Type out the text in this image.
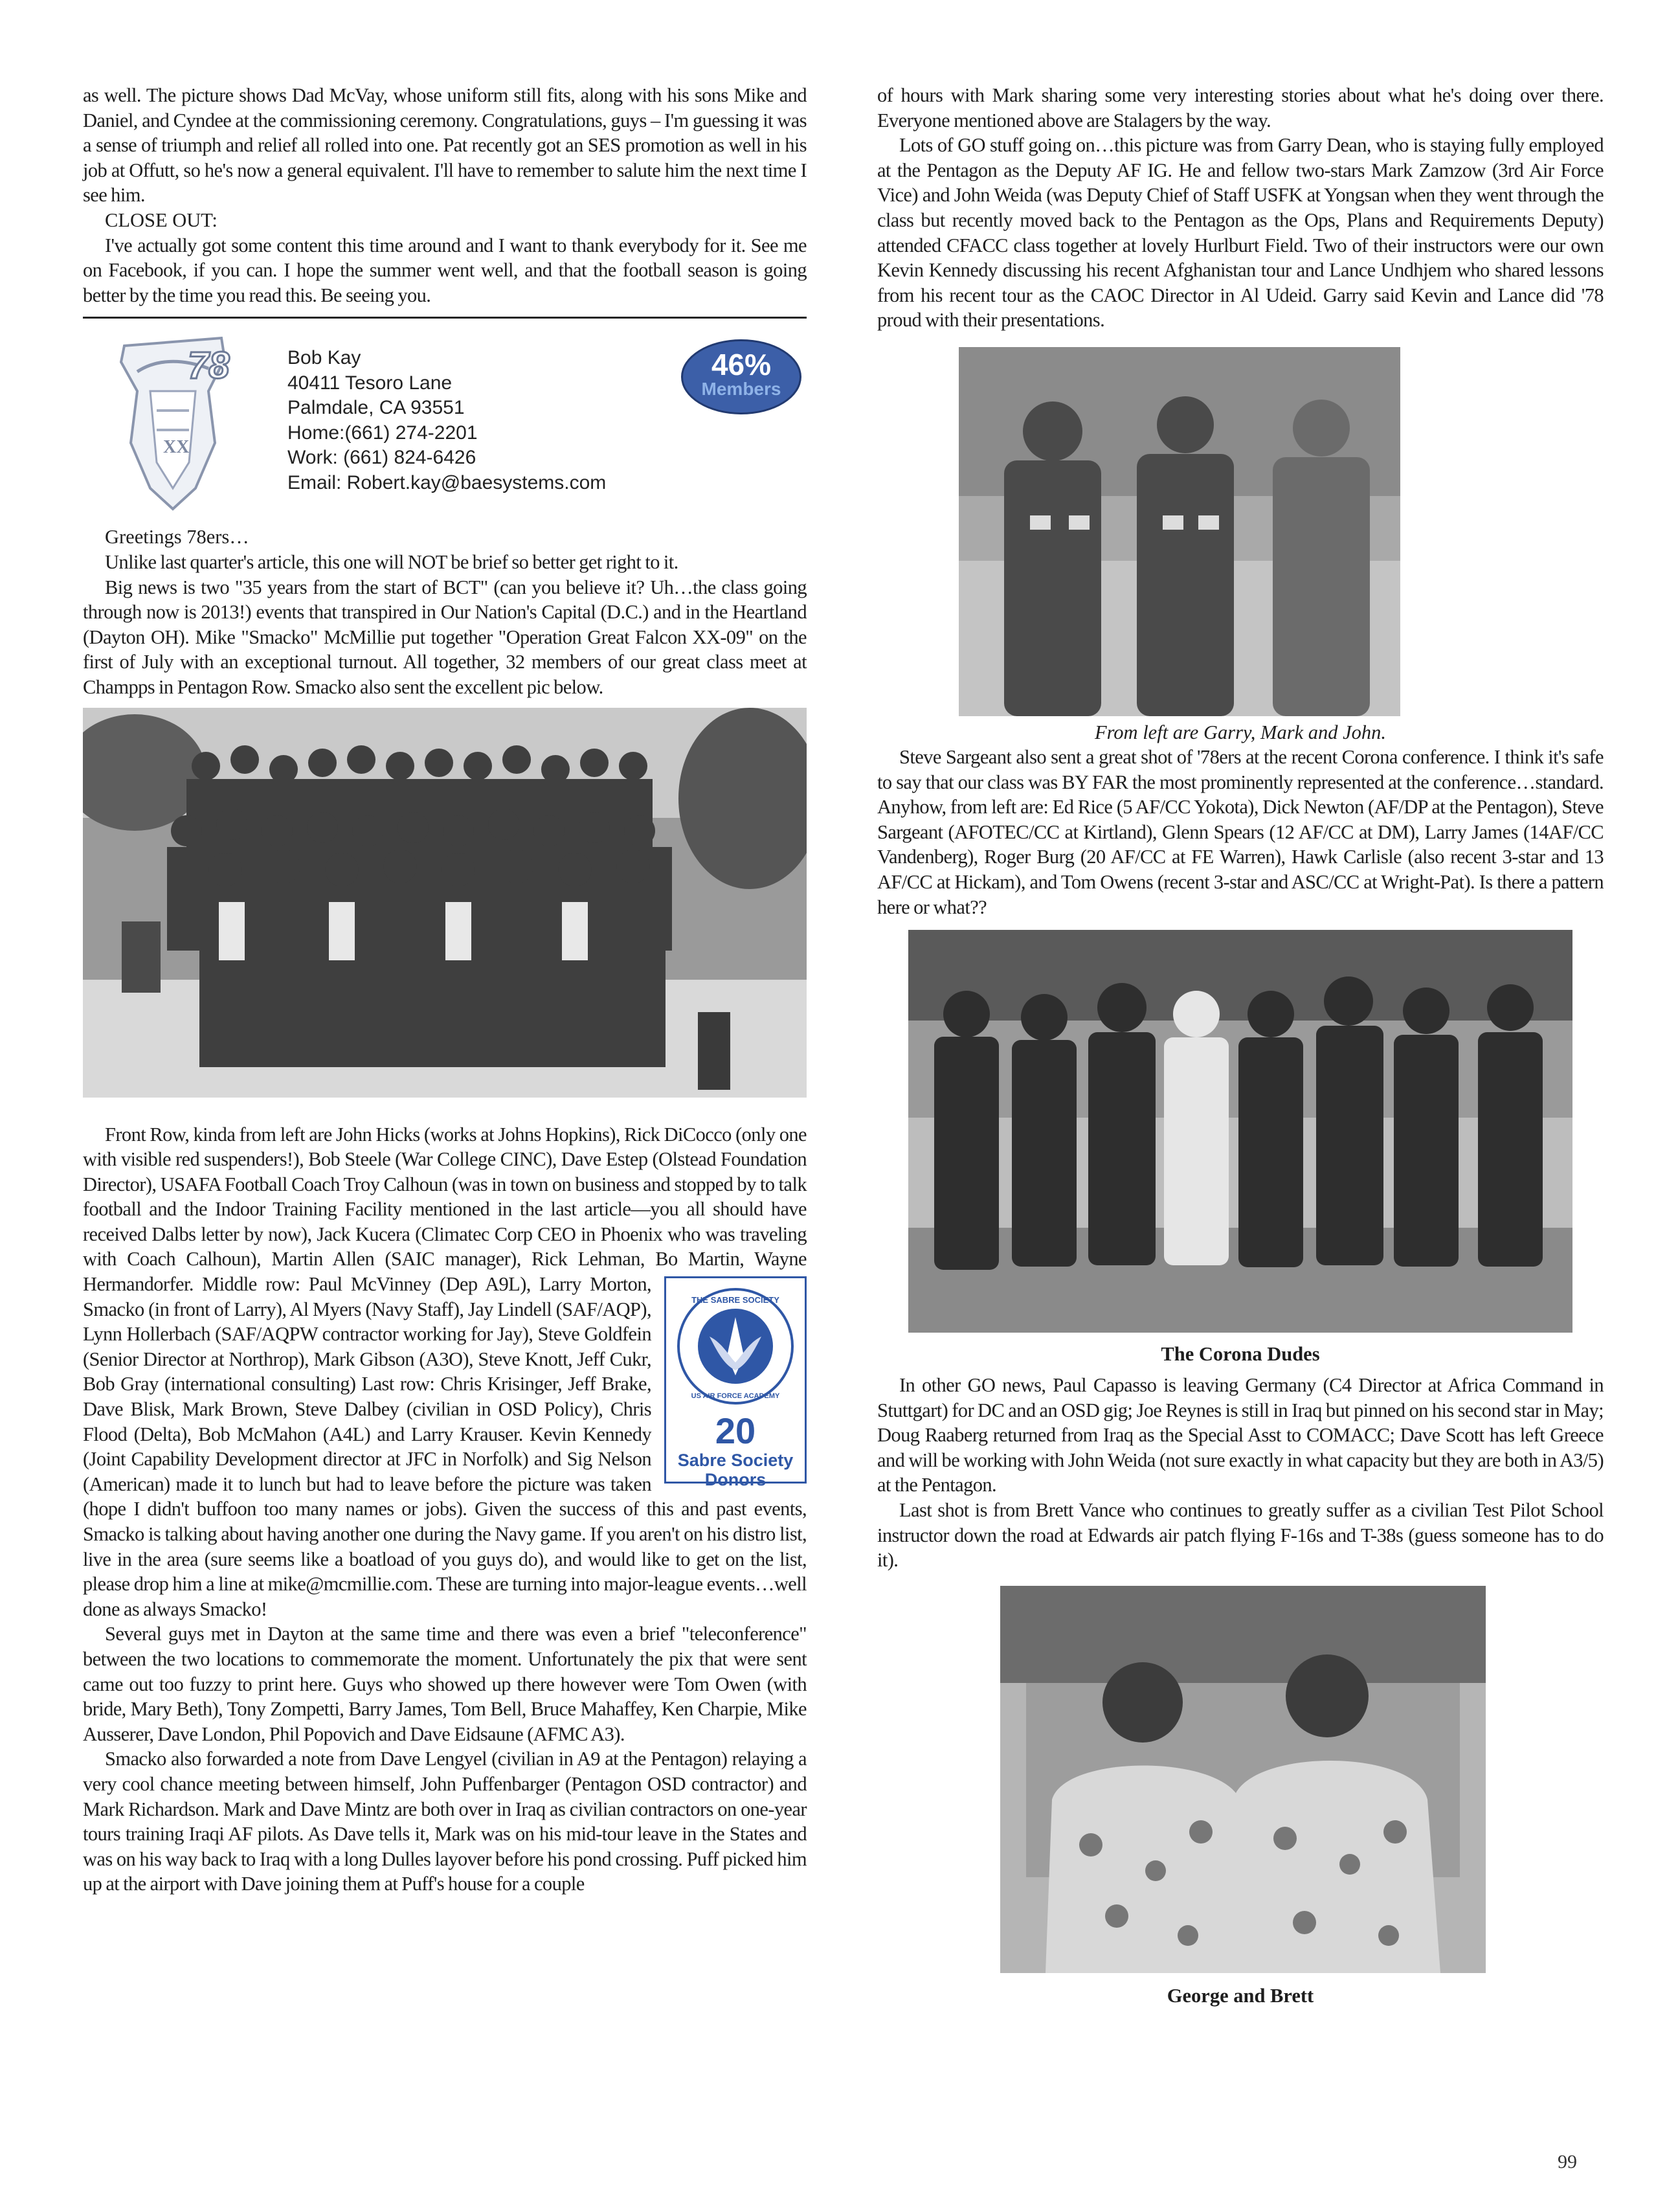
as well. The picture shows Dad McVay, whose uniform still fits, along with his sons Mike and Daniel, and Cyndee at the commissioning ceremony. Congratulations, guys – I'm guessing it was a sense of triumph and relief all rolled into one. Pat recently got an SES promotion as well in his job at Offutt, so he's now a general equivalent. I'll have to remember to salute him the next time I see him.

CLOSE OUT:

I've actually got some content this time around and I want to thank everybody for it. See me on Facebook, if you can. I hope the summer went well, and that the football season is going better by the time you read this. Be seeing you.

78
XX
Bob Kay
40411 Tesoro Lane
Palmdale, CA 93551
Home:(661) 274-2201
Work: (661) 824-6426
Email: Robert.kay@baesystems.com
46%
Members

Greetings 78ers…

Unlike last quarter's article, this one will NOT be brief so better get right to it.

Big news is two "35 years from the start of BCT" (can you believe it? Uh…the class going through now is 2013!) events that transpired in Our Nation's Capital (D.C.) and in the Heartland (Dayton OH). Mike "Smacko" McMillie put together "Operation Great Falcon XX-09" on the first of July with an exceptional turnout. All together, 32 members of our great class meet at Champps in Pentagon Row. Smacko also sent the excellent pic below.

THE SABRE SOCIETY
US AIR FORCE ACADEMY
20
Sabre Society
Donors

Front Row, kinda from left are John Hicks (works at Johns Hopkins), Rick DiCocco (only one with visible red suspenders!), Bob Steele (War College CINC), Dave Estep (Olstead Foundation Director), USAFA Football Coach Troy Calhoun (was in town on business and stopped by to talk football and the Indoor Training Facility mentioned in the last article—you all should have received Dalbs letter by now), Jack Kucera (Climatec Corp CEO in Phoenix who was traveling with Coach Calhoun), Martin Allen (SAIC manager), Rick Lehman, Bo Martin, Wayne Hermandorfer. Middle row: Paul McVinney (Dep A9L), Larry Morton, Smacko (in front of Larry), Al Myers (Navy Staff), Jay Lindell (SAF/AQP), Lynn Hollerbach (SAF/AQPW contractor working for Jay), Steve Goldfein (Senior Director at Northrop), Mark Gibson (A3O), Steve Knott, Jeff Cukr, Bob Gray (international consulting) Last row: Chris Krisinger, Jeff Brake, Dave Blisk, Mark Brown, Steve Dalbey (civilian in OSD Policy), Chris Flood (Delta), Bob McMahon (A4L) and Larry Krauser. Kevin Kennedy (Joint Capability Development director at JFC in Norfolk) and Sig Nelson (American) made it to lunch but had to leave before the picture was taken (hope I didn't buffoon too many names or jobs). Given the success of this and past events, Smacko is talking about having another one during the Navy game. If you aren't on his distro list, live in the area (sure seems like a boatload of you guys do), and would like to get on the list, please drop him a line at mike@mcmillie.com. These are turning into major-league events…well done as always Smacko!

Several guys met in Dayton at the same time and there was even a brief "teleconference" between the two locations to commemorate the moment. Unfortunately the pix that were sent came out too fuzzy to print here. Guys who showed up there however were Tom Owen (with bride, Mary Beth), Tony Zompetti, Barry James, Tom Bell, Bruce Mahaffey, Ken Charpie, Mike Ausserer, Dave London, Phil Popovich and Dave Eidsaune (AFMC A3).

Smacko also forwarded a note from Dave Lengyel (civilian in A9 at the Pentagon) relaying a very cool chance meeting between himself, John Puffenbarger (Pentagon OSD contractor) and Mark Richardson. Mark and Dave Mintz are both over in Iraq as civilian contractors on one-year tours training Iraqi AF pilots. As Dave tells it, Mark was on his mid-tour leave in the States and was on his way back to Iraq with a long Dulles layover before his pond crossing. Puff picked him up at the airport with Dave joining them at Puff's house for a couple

of hours with Mark sharing some very interesting stories about what he's doing over there. Everyone mentioned above are Stalagers by the way.

Lots of GO stuff going on…this picture was from Garry Dean, who is staying fully employed at the Pentagon as the Deputy AF IG. He and fellow two-stars Mark Zamzow (3rd Air Force Vice) and John Weida (was Deputy Chief of Staff USFK at Yongsan when they went through the class but recently moved back to the Pentagon as the Ops, Plans and Requirements Deputy) attended CFACC class together at lovely Hurlburt Field. Two of their instructors were our own Kevin Kennedy discussing his recent Afghanistan tour and Lance Undhjem who shared lessons from his recent tour as the CAOC Director in Al Udeid. Garry said Kevin and Lance did '78 proud with their presentations.

From left are Garry, Mark and John.

Steve Sargeant also sent a great shot of '78ers at the recent Corona conference. I think it's safe to say that our class was BY FAR the most prominently represented at the conference…standard. Anyhow, from left are: Ed Rice (5 AF/CC Yokota), Dick Newton (AF/DP at the Pentagon), Steve Sargeant (AFOTEC/CC at Kirtland), Glenn Spears (12 AF/CC at DM), Larry James (14AF/CC Vandenberg), Roger Burg (20 AF/CC at FE Warren), Hawk Carlisle (also recent 3-star and 13 AF/CC at Hickam), and Tom Owens (recent 3-star and ASC/CC at Wright-Pat). Is there a pattern here or what??

The Corona Dudes

In other GO news, Paul Capasso is leaving Germany (C4 Director at Africa Command in Stuttgart) for DC and an OSD gig; Joe Reynes is still in Iraq but pinned on his second star in May; Doug Raaberg returned from Iraq as the Special Asst to COMACC; Dave Scott has left Greece and will be working with John Weida (not sure exactly in what capacity but they are both in A3/5) at the Pentagon.

Last shot is from Brett Vance who continues to greatly suffer as a civilian Test Pilot School instructor down the road at Edwards air patch flying F-16s and T-38s (guess someone has to do it).

George and Brett
99
